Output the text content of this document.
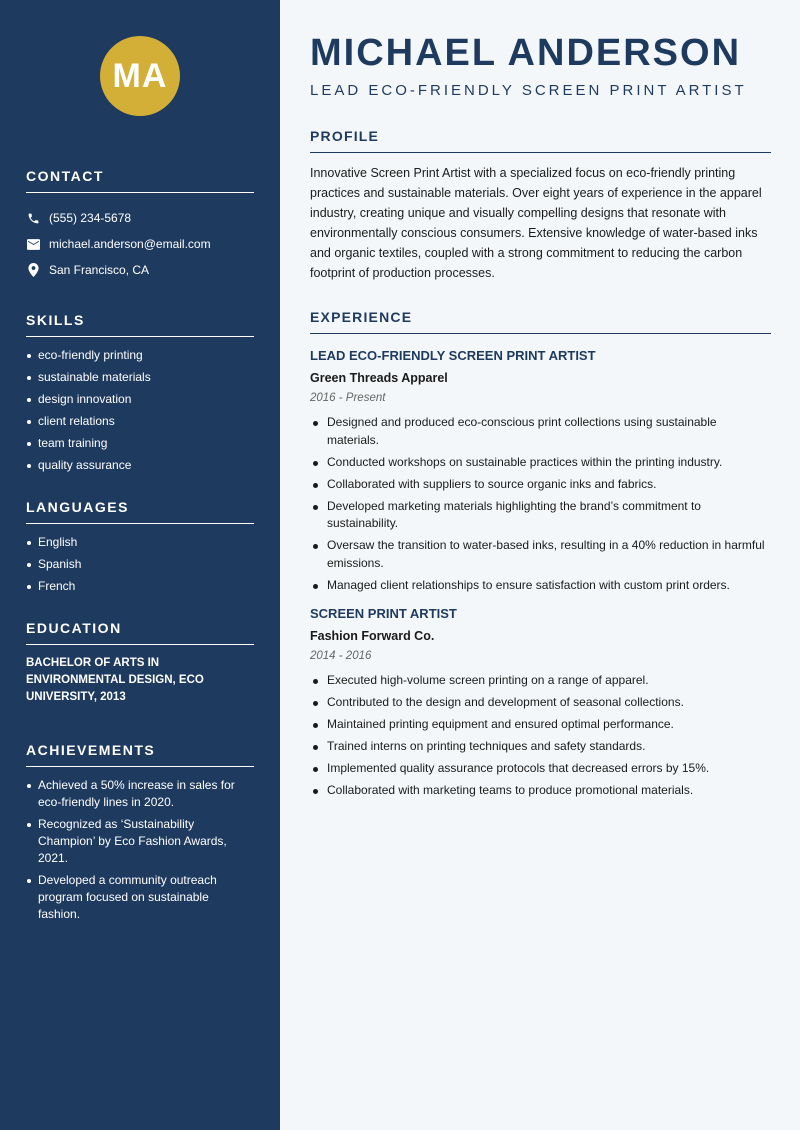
MA
CONTACT
(555) 234-5678
michael.anderson@email.com
San Francisco, CA
SKILLS
eco-friendly printing
sustainable materials
design innovation
client relations
team training
quality assurance
LANGUAGES
English
Spanish
French
EDUCATION
BACHELOR OF ARTS IN ENVIRONMENTAL DESIGN, ECO UNIVERSITY, 2013
ACHIEVEMENTS
Achieved a 50% increase in sales for eco-friendly lines in 2020.
Recognized as ‘Sustainability Champion’ by Eco Fashion Awards, 2021.
Developed a community outreach program focused on sustainable fashion.
MICHAEL ANDERSON
LEAD ECO-FRIENDLY SCREEN PRINT ARTIST
PROFILE
Innovative Screen Print Artist with a specialized focus on eco-friendly printing practices and sustainable materials. Over eight years of experience in the apparel industry, creating unique and visually compelling designs that resonate with environmentally conscious consumers. Extensive knowledge of water-based inks and organic textiles, coupled with a strong commitment to reducing the carbon footprint of production processes.
EXPERIENCE
LEAD ECO-FRIENDLY SCREEN PRINT ARTIST
Green Threads Apparel
2016 - Present
Designed and produced eco-conscious print collections using sustainable materials.
Conducted workshops on sustainable practices within the printing industry.
Collaborated with suppliers to source organic inks and fabrics.
Developed marketing materials highlighting the brand’s commitment to sustainability.
Oversaw the transition to water-based inks, resulting in a 40% reduction in harmful emissions.
Managed client relationships to ensure satisfaction with custom print orders.
SCREEN PRINT ARTIST
Fashion Forward Co.
2014 - 2016
Executed high-volume screen printing on a range of apparel.
Contributed to the design and development of seasonal collections.
Maintained printing equipment and ensured optimal performance.
Trained interns on printing techniques and safety standards.
Implemented quality assurance protocols that decreased errors by 15%.
Collaborated with marketing teams to produce promotional materials.
